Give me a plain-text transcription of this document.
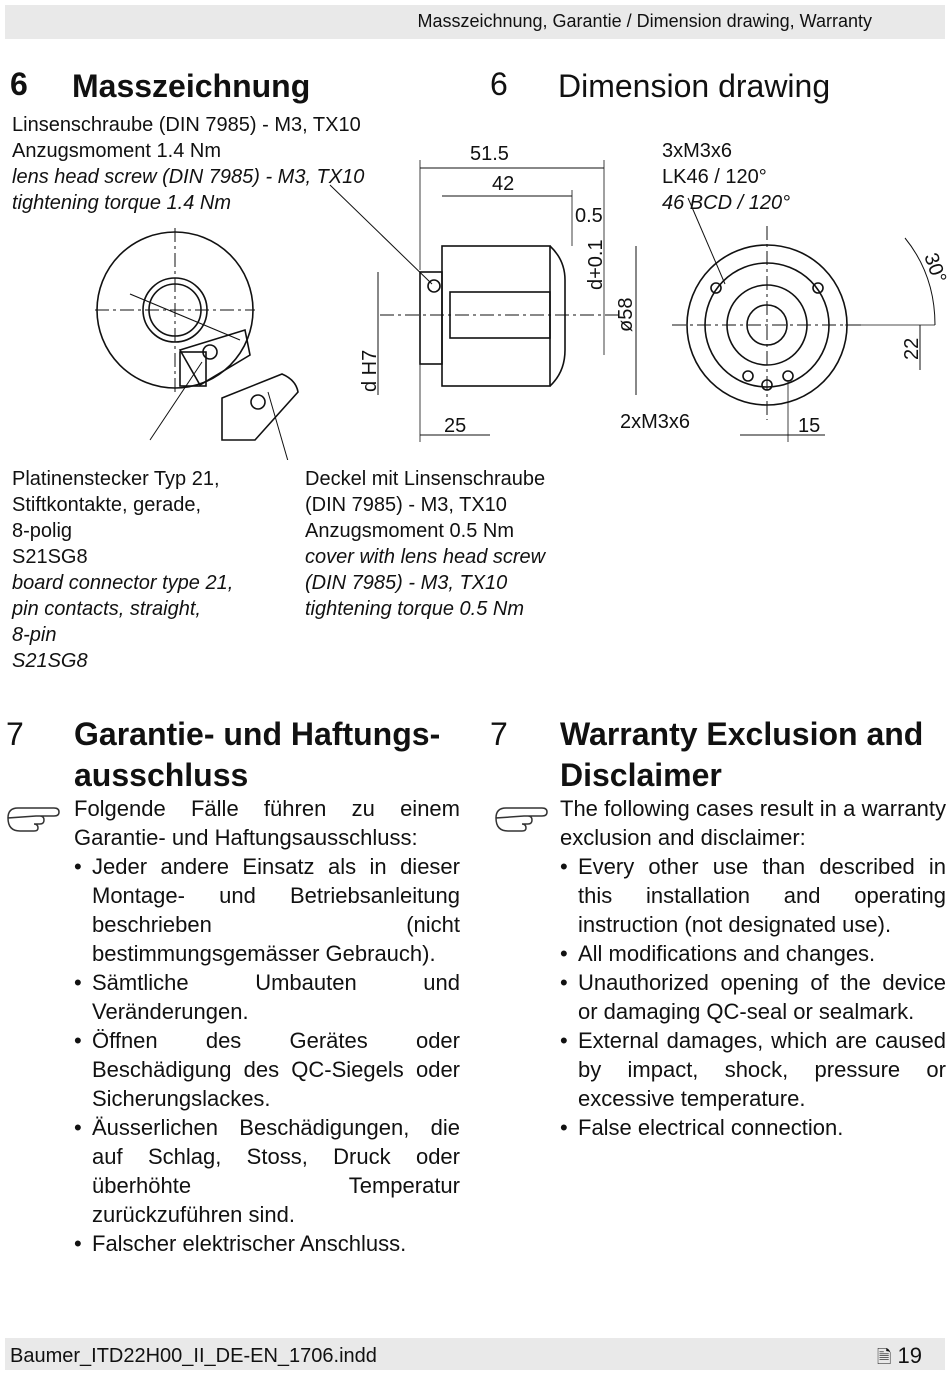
Masszeichnung, Garantie / Dimension drawing, Warranty
6 Masszeichnung	6 Dimension drawing
Linsenschraube (DIN 7985) - M3, TX10
Anzugsmoment 1.4 Nm
lens head screw (DIN 7985) - M3, TX10
tightening torque 1.4 Nm
3xM3x6
LK46 / 120°
46 BCD / 120°
51.5
42
0.5
d+0.1
ø58
d H7
25	2xM3x6	15
22
30°
Platinenstecker Typ 21,
Stiftkontakte, gerade,
8-polig
S21SG8
board connector type 21,
pin contacts, straight,
8-pin
S21SG8
Deckel mit Linsenschraube
(DIN 7985) - M3, TX10
Anzugsmoment 0.5 Nm
cover with lens head screw
(DIN 7985) - M3, TX10
tightening torque 0.5 Nm
7 Garantie- und Haftungs-
ausschluss
Folgende Fälle führen zu einem Garantie- und Haftungsausschluss:
• Jeder andere Einsatz als in dieser Montage- und Betriebsanleitung beschrieben (nicht bestimmungsgemässer Gebrauch).
• Sämtliche Umbauten und Veränderungen.
• Öffnen des Gerätes oder Beschädigung des QC-Siegels oder Sicherungslackes.
• Äusserlichen Beschädigungen, die auf Schlag, Stoss, Druck oder überhöhte Temperatur zurückzuführen sind.
• Falscher elektrischer Anschluss.
7 Warranty Exclusion and
Disclaimer
The following cases result in a warranty exclusion and disclaimer:
• Every other use than described in this installation and operating instruction (not designated use).
• All modifications and changes.
• Unauthorized opening of the device or damaging QC-seal or sealmark.
• External damages, which are caused by impact, shock, pressure or excessive temperature.
• False electrical connection.
Baumer_ITD22H00_II_DE-EN_1706.indd	🗎 19
